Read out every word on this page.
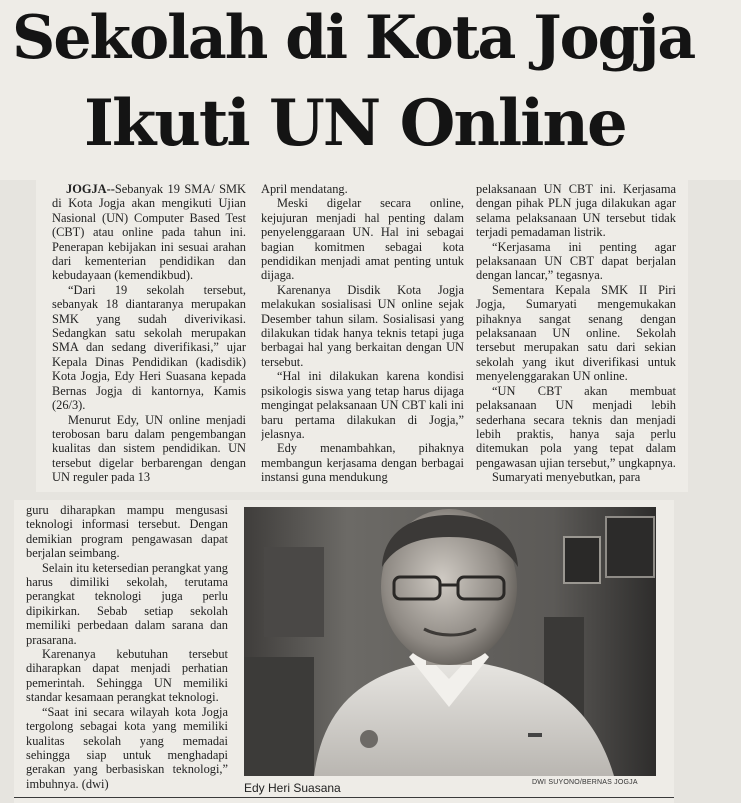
Sekolah di Kota Jogja
Ikuti UN Online

JOGJA--Sebanyak 19 SMA/ SMK di Kota Jogja akan mengikuti Ujian Nasional (UN) Computer Based Test (CBT) atau online pada tahun ini. Penerapan kebijakan ini sesuai arahan dari kementerian pendidikan dan kebudayaan (kemendikbud).

“Dari 19 sekolah tersebut, sebanyak 18 diantaranya merupakan SMK yang sudah diverivikasi. Sedangkan satu sekolah merupakan SMA dan sedang diverifikasi,” ujar Kepala Dinas Pendidikan (kadisdik) Kota Jogja, Edy Heri Suasana kepada Bernas Jogja di kantornya, Kamis (26/3).

Menurut Edy, UN online menjadi terobosan baru dalam pengembangan kualitas dan sistem pendidikan. UN tersebut digelar berbarengan dengan UN reguler pada 13

April mendatang.

Meski digelar secara online, kejujuran menjadi hal penting dalam penyelenggaraan UN. Hal ini sebagai bagian komitmen sebagai kota pendidikan menjadi amat penting untuk dijaga.

Karenanya Disdik Kota Jogja melakukan sosialisasi UN online sejak Desember tahun silam. Sosialisasi yang dilakukan tidak hanya teknis tetapi juga berbagai hal yang berkaitan dengan UN tersebut.

“Hal ini dilakukan karena kondisi psikologis siswa yang tetap harus dijaga mengingat pelaksanaan UN CBT kali ini baru pertama dilakukan di Jogja,” jelasnya.

Edy menambahkan, pihaknya membangun kerjasama dengan berbagai instansi guna mendukung

pelaksanaan UN CBT ini. Kerjasama dengan pihak PLN juga dilakukan agar selama pelaksanaan UN tersebut tidak terjadi pemadaman listrik.

“Kerjasama ini penting agar pelaksanaan UN CBT dapat berjalan dengan lancar,” tegasnya.

Sementara Kepala SMK II Piri Jogja, Sumaryati mengemukakan pihaknya sangat senang dengan pelaksanaan UN online. Sekolah tersebut merupakan satu dari sekian sekolah yang ikut diverifikasi untuk menyelenggarakan UN online.

“UN CBT akan membuat pelaksanaan UN menjadi lebih sederhana secara teknis dan menjadi lebih praktis, hanya saja perlu ditemukan pola yang tepat dalam pengawasan ujian tersebut,” ungkapnya.

Sumaryati menyebutkan, para

guru diharapkan mampu mengusasi teknologi informasi tersebut. Dengan demikian program pengawasan dapat berjalan seimbang.

Selain itu ketersedian perangkat yang harus dimiliki sekolah, terutama perangkat teknologi juga perlu dipikirkan. Sebab setiap sekolah memiliki perbedaan dalam sarana dan prasarana.

Karenanya kebutuhan tersebut diharapkan dapat menjadi perhatian pemerintah. Sehingga UN memiliki standar kesamaan perangkat teknologi.

“Saat ini secara wilayah kota Jogja tergolong sebagai kota yang memiliki kualitas sekolah yang memadai sehingga siap untuk menghadapi gerakan yang berbasiskan teknologi,” imbuhnya. (dwi)	Edy Heri Suasana	DWI SUYONO/BERNAS JOGJA
